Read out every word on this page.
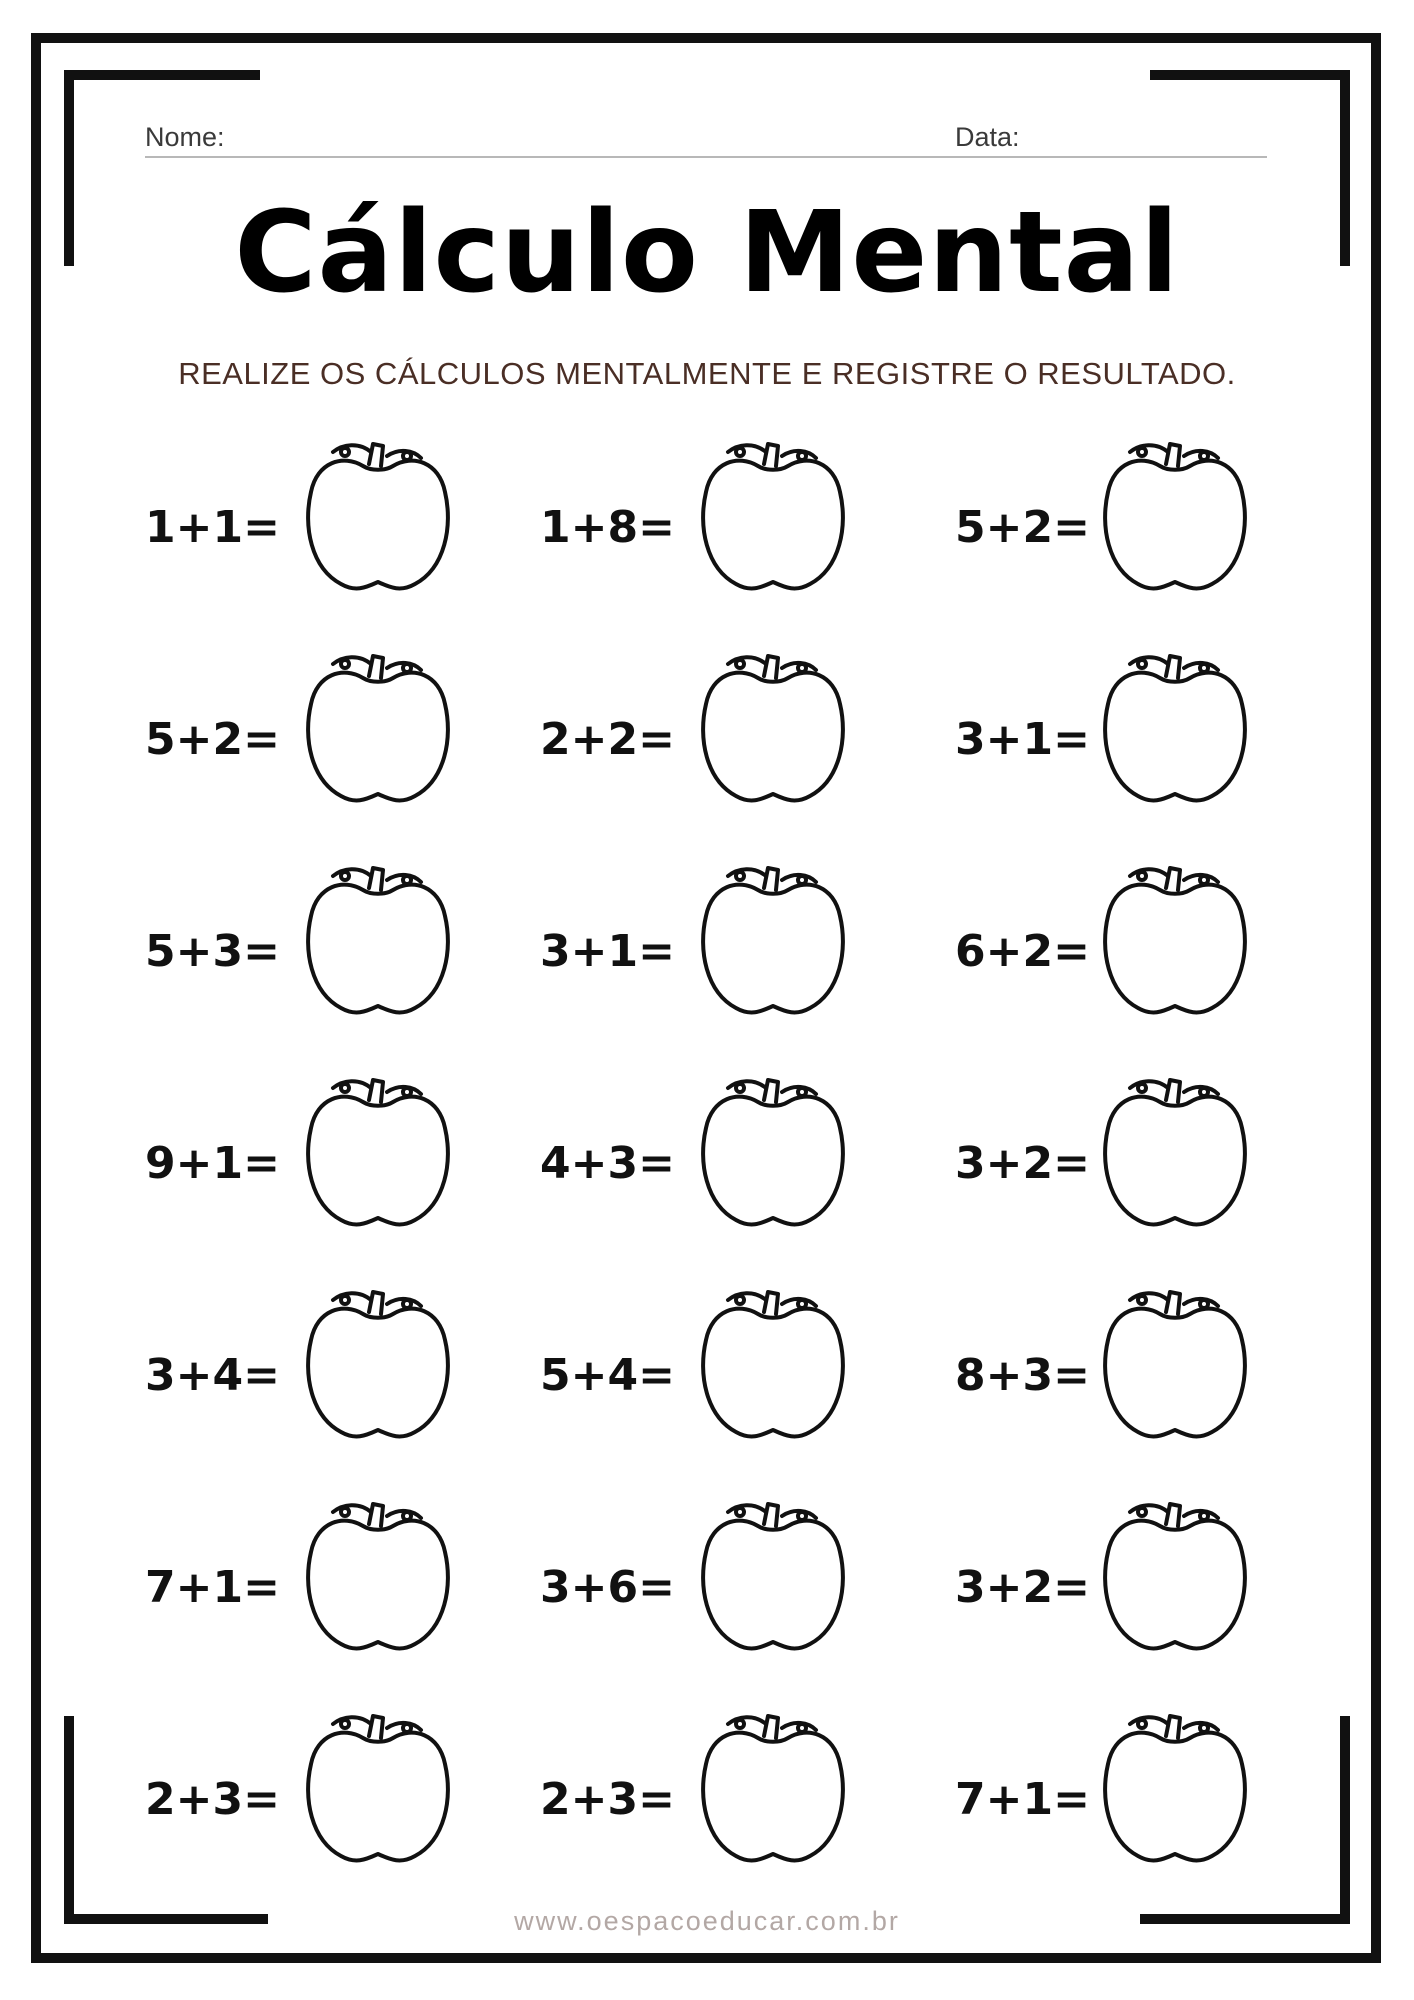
Nome:	Data:
Cálculo Mental
REALIZE OS CÁLCULOS MENTALMENTE E REGISTRE O RESULTADO.
1+1=	1+8=	5+2=
5+2=	2+2=	3+1=
5+3=	3+1=	6+2=
9+1=	4+3=	3+2=
3+4=	5+4=	8+3=
7+1=	3+6=	3+2=
2+3=	2+3=	7+1=
www.oespacoeducar.com.br
